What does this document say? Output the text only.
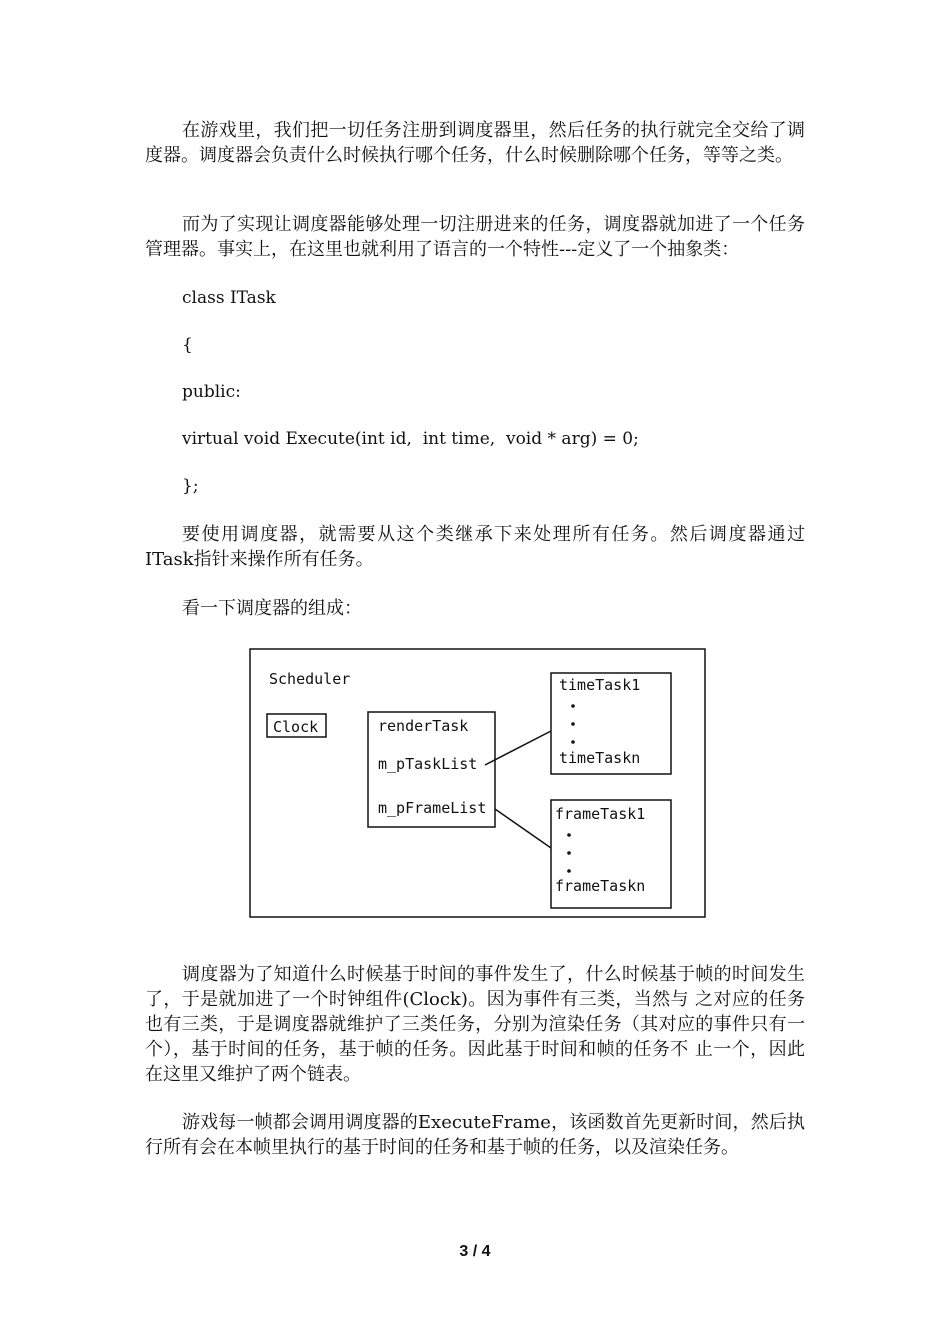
在游戏里，我们把一切任务注册到调度器里，然后任务的执行就完全交给了调度器。调度器会负责什么时候执行哪个任务，什么时候删除哪个任务，等等之类。

而为了实现让调度器能够处理一切注册进来的任务，调度器就加进了一个任务管理器。事实上，在这里也就利用了语言的一个特性---定义了一个抽象类：

class ITask
{
public:
virtual void Execute(int id,  int time,  void * arg) = 0;
};

要使用调度器，就需要从这个类继承下来处理所有任务。然后调度器通过ITask指针来操作所有任务。

看一下调度器的组成：

Scheduler
Clock	renderTask
m_pTaskList
m_pFrameList
timeTask1
timeTaskn
frameTask1
frameTaskn

调度器为了知道什么时候基于时间的事件发生了，什么时候基于帧的时间发生了，于是就加进了一个时钟组件(Clock)。因为事件有三类，当然与 之对应的任务也有三类，于是调度器就维护了三类任务，分别为渲染任务（其对应的事件只有一个），基于时间的任务，基于帧的任务。因此基于时间和帧的任务不 止一个，因此在这里又维护了两个链表。

游戏每一帧都会调用调度器的ExecuteFrame，该函数首先更新时间，然后执行所有会在本帧里执行的基于时间的任务和基于帧的任务，以及渲染任务。

3 / 4
